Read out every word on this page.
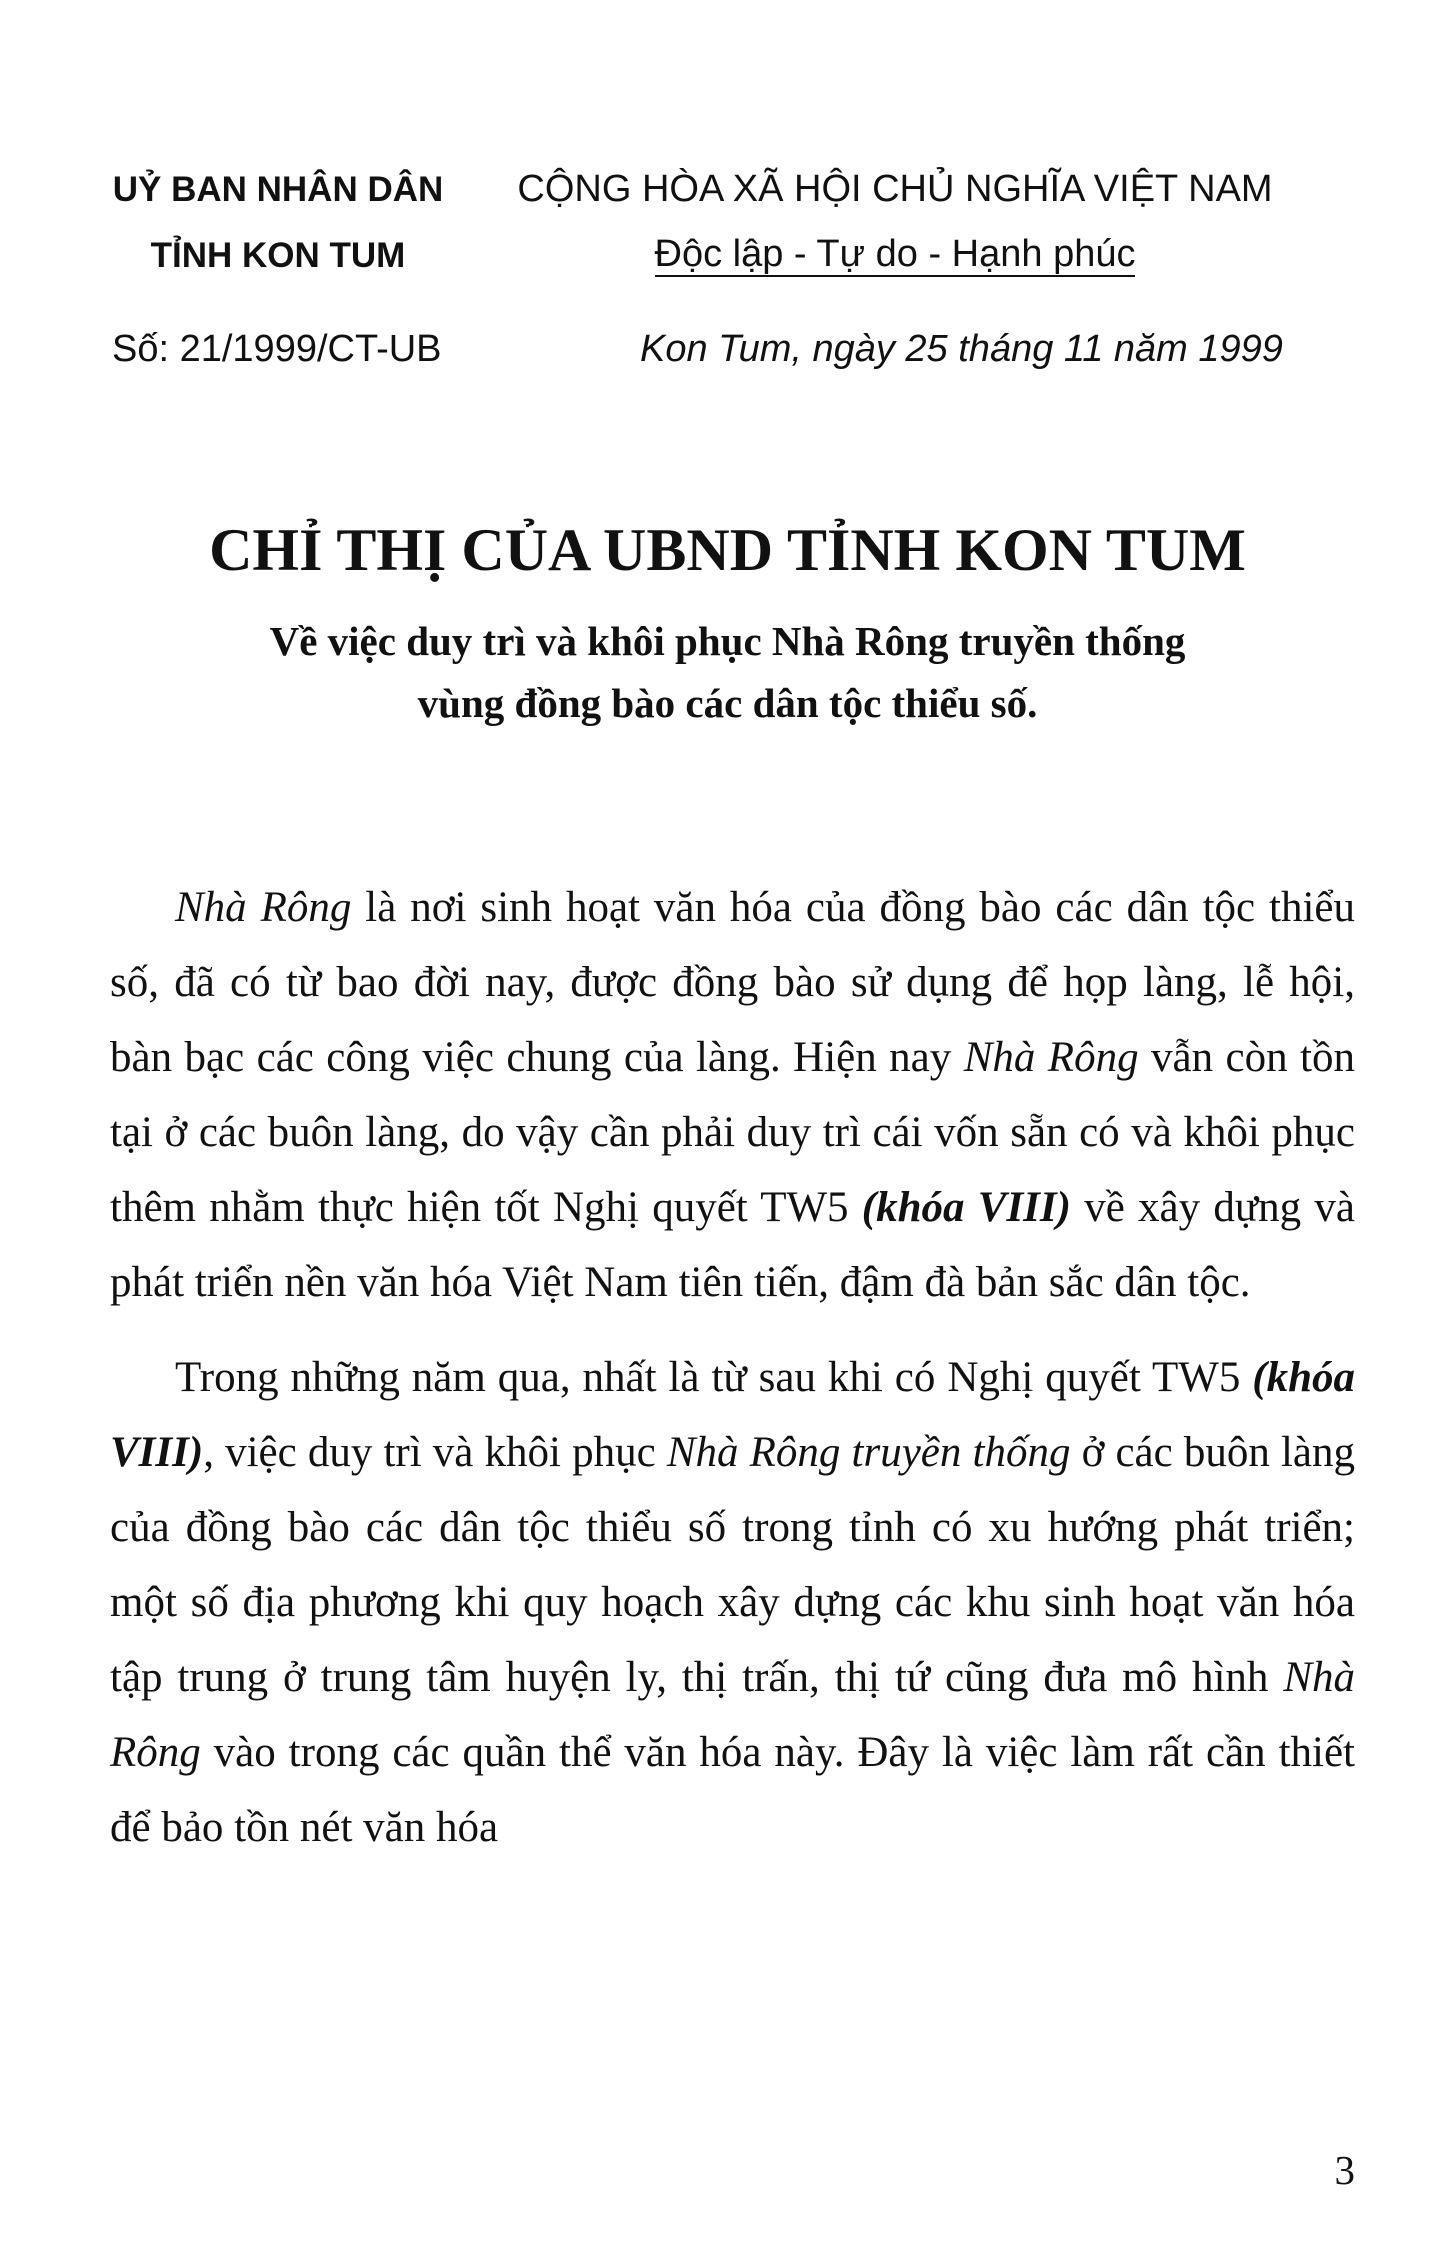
UỶ BAN NHÂN DÂN
TỈNH KON TUM
CỘNG HÒA XÃ HỘI CHỦ NGHĨA VIỆT NAM
Độc lập - Tự do - Hạnh phúc
Số: 21/1999/CT-UB	Kon Tum, ngày 25 tháng 11 năm 1999
CHỈ THỊ CỦA UBND TỈNH KON TUM
Về việc duy trì và khôi phục Nhà Rông truyền thống
vùng đồng bào các dân tộc thiểu số.

Nhà Rông là nơi sinh hoạt văn hóa của đồng bào các dân tộc thiểu số, đã có từ bao đời nay, được đồng bào sử dụng để họp làng, lễ hội, bàn bạc các công việc chung của làng. Hiện nay Nhà Rông vẫn còn tồn tại ở các buôn làng, do vậy cần phải duy trì cái vốn sẵn có và khôi phục thêm nhằm thực hiện tốt Nghị quyết TW5 (khóa VIII) về xây dựng và phát triển nền văn hóa Việt Nam tiên tiến, đậm đà bản sắc dân tộc.

Trong những năm qua, nhất là từ sau khi có Nghị quyết TW5 (khóa VIII), việc duy trì và khôi phục Nhà Rông truyền thống ở các buôn làng của đồng bào các dân tộc thiểu số trong tỉnh có xu hướng phát triển; một số địa phương khi quy hoạch xây dựng các khu sinh hoạt văn hóa tập trung ở trung tâm huyện ly, thị trấn, thị tứ cũng đưa mô hình Nhà Rông vào trong các quần thể văn hóa này. Đây là việc làm rất cần thiết để bảo tồn nét văn hóa

3
